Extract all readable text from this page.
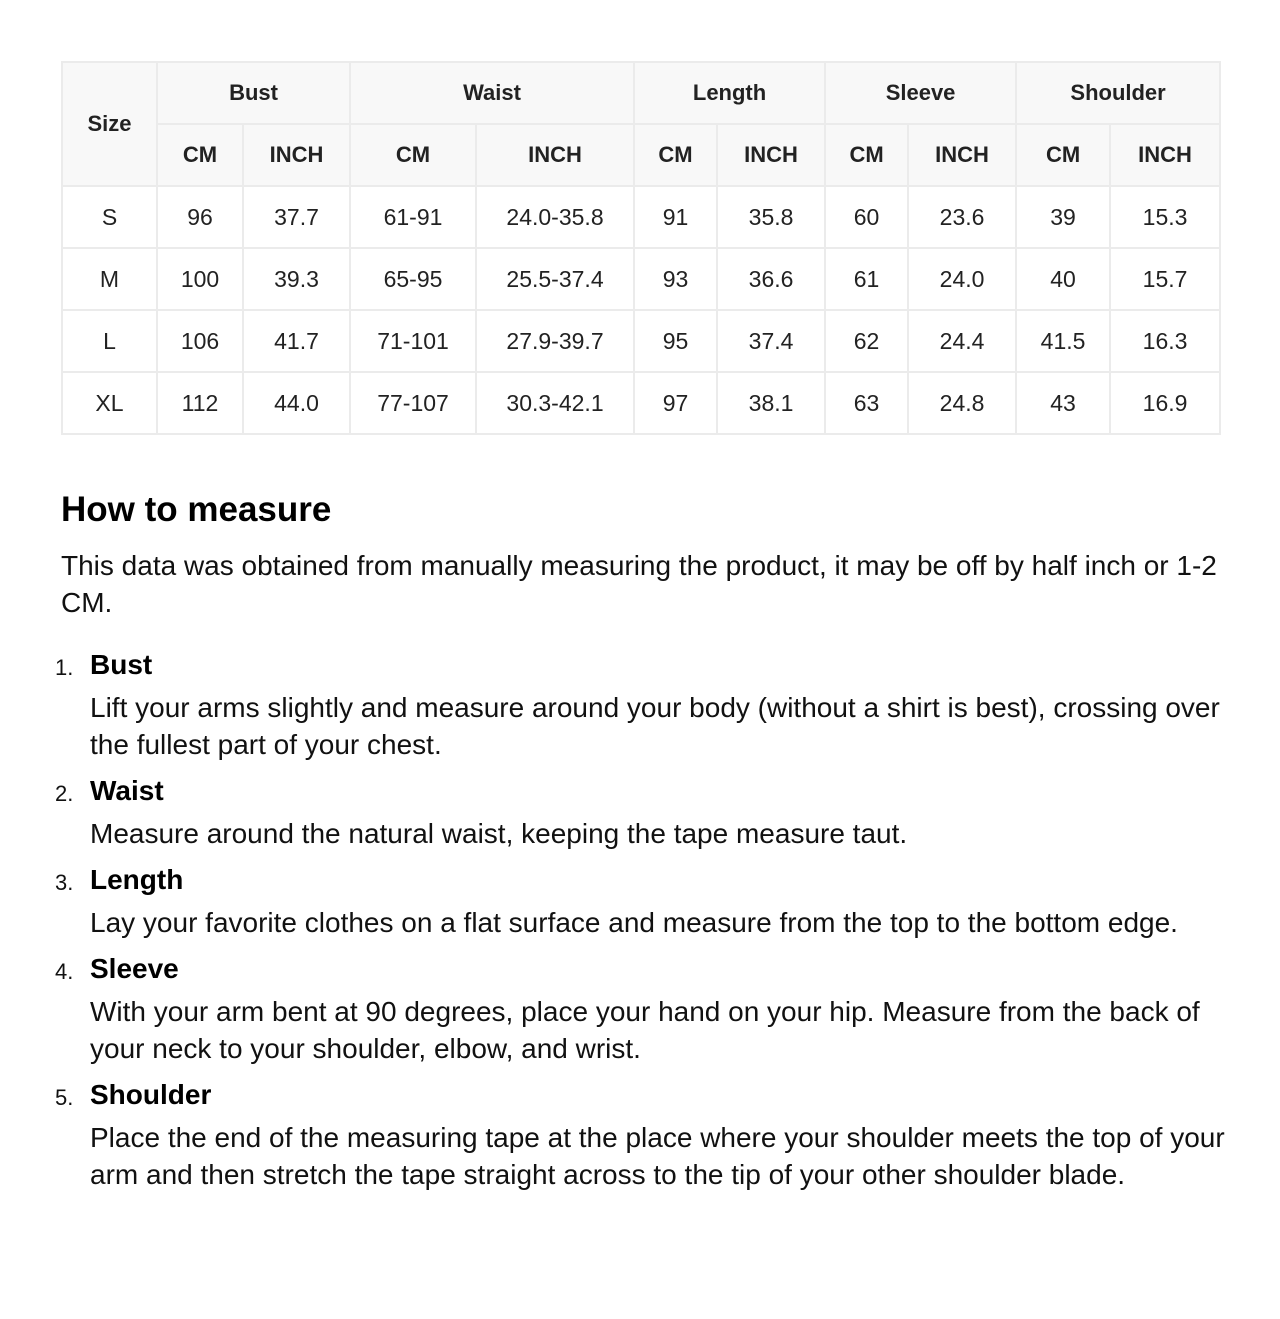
Size	Bust		Waist		Length		Sleeve		Shoulder	
	CM	INCH	CM	INCH	CM	INCH	CM	INCH	CM	INCH
S	96	37.7	61-91	24.0-35.8	91	35.8	60	23.6	39	15.3
M	100	39.3	65-95	25.5-37.4	93	36.6	61	24.0	40	15.7
L	106	41.7	71-101	27.9-39.7	95	37.4	62	24.4	41.5	16.3
XL	112	44.0	77-107	30.3-42.1	97	38.1	63	24.8	43	16.9
How to measure

This data was obtained from manually measuring the product, it may be off by half inch or 1-2 CM.

1. Bust
Lift your arms slightly and measure around your body (without a shirt is best), crossing over the fullest part of your chest.
2. Waist
Measure around the natural waist, keeping the tape measure taut.
3. Length
Lay your favorite clothes on a flat surface and measure from the top to the bottom edge.
4. Sleeve
With your arm bent at 90 degrees, place your hand on your hip. Measure from the back of your neck to your shoulder, elbow, and wrist.
5. Shoulder
Place the end of the measuring tape at the place where your shoulder meets the top of your arm and then stretch the tape straight across to the tip of your other shoulder blade.
